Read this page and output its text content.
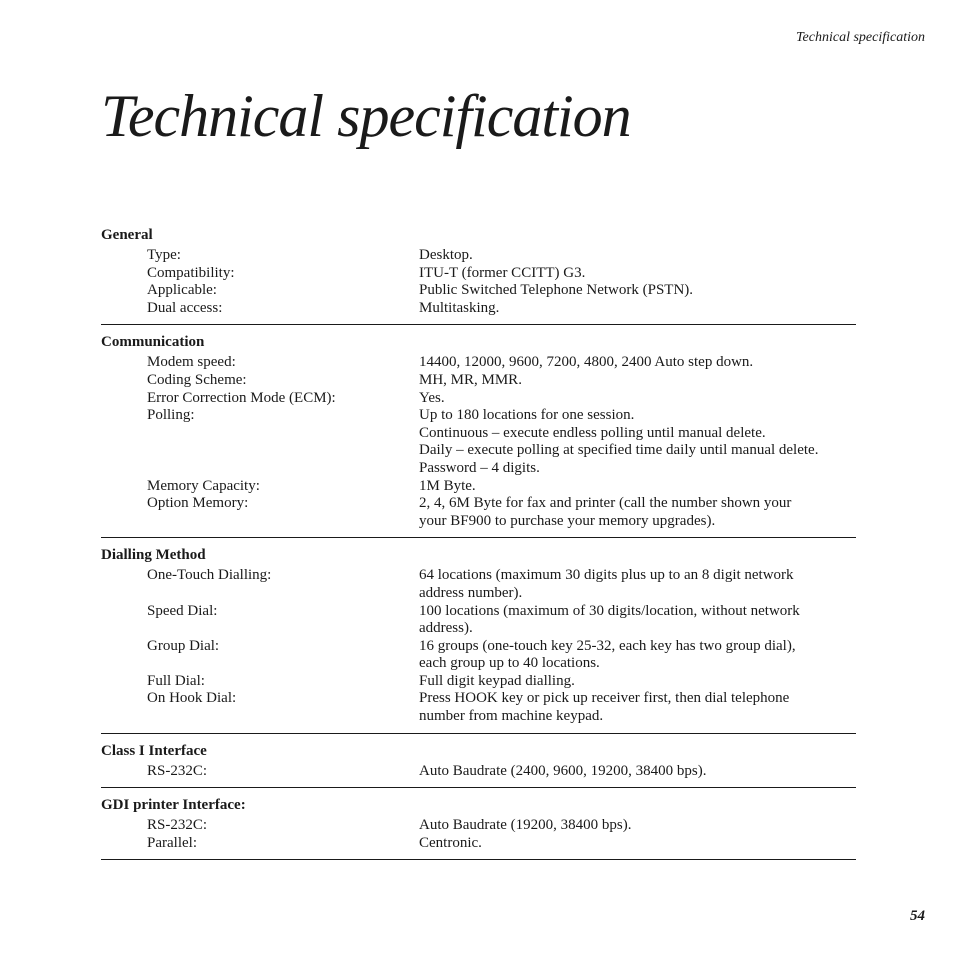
Technical specification
Technical specification
General
Type:	Desktop.
Compatibility:	ITU-T (former CCITT) G3.
Applicable:	Public Switched Telephone Network (PSTN).
Dual access:	Multitasking.
Communication
Modem speed:	14400, 12000, 9600, 7200, 4800, 2400 Auto step down.
Coding Scheme:	MH, MR, MMR.
Error Correction Mode (ECM):	Yes.
Polling:	Up to 180 locations for one session.
Continuous – execute endless polling until manual delete.
Daily – execute polling at specified time daily until manual delete.
Password – 4 digits.
Memory Capacity:	1M Byte.
Option Memory:	2, 4, 6M Byte for fax and printer (call the number shown your
your BF900 to purchase your memory upgrades).
Dialling Method
One-Touch Dialling:	64 locations (maximum 30 digits plus up to an 8 digit network
address number).
Speed Dial:	100 locations (maximum of 30 digits/location, without network
address).
Group Dial:	16 groups (one-touch key 25-32, each key has two group dial),
each group up to 40 locations.
Full Dial:	Full digit keypad dialling.
On Hook Dial:	Press HOOK key or pick up receiver first, then dial telephone
number from machine keypad.
Class I Interface
RS-232C:	Auto Baudrate (2400, 9600, 19200, 38400 bps).
GDI printer Interface:
RS-232C:	Auto Baudrate (19200, 38400 bps).
Parallel:	Centronic.
54
